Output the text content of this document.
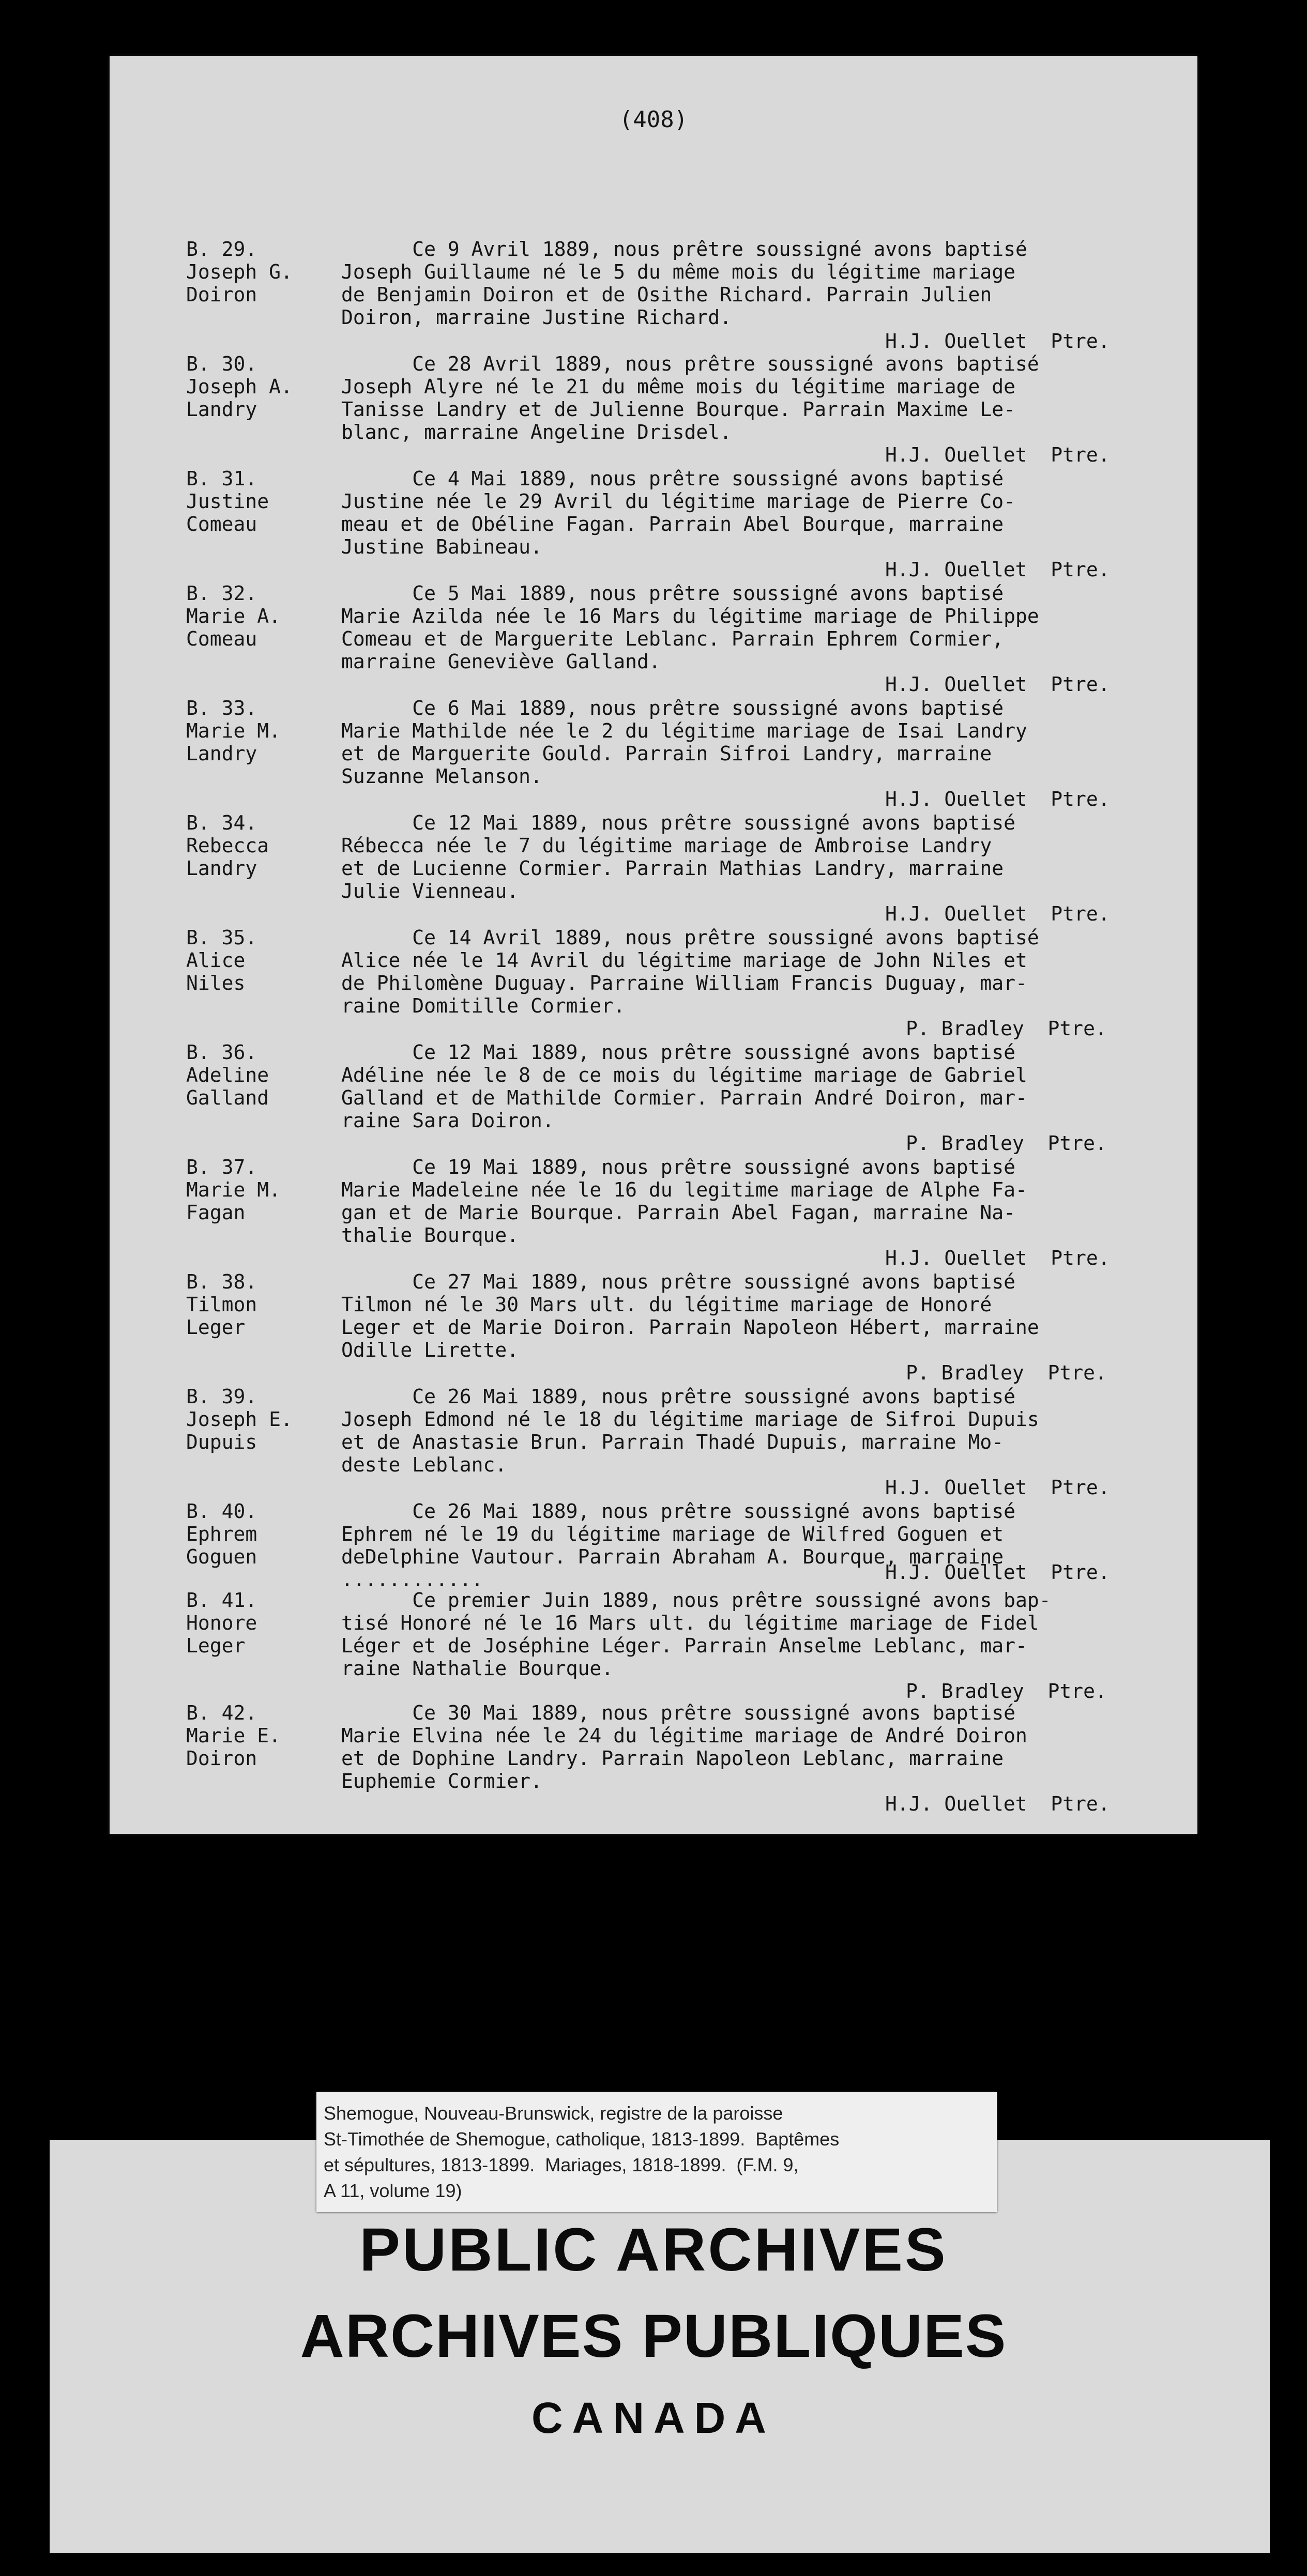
(408)
B. 29.
Joseph G.
Doiron
Ce 9 Avril 1889, nous prêtre soussigné avons baptisé
Joseph Guillaume né le 5 du même mois du légitime mariage
de Benjamin Doiron et de Osithe Richard. Parrain Julien
Doiron, marraine Justine Richard.
H.J. Ouellet  Ptre.
B. 30.
Joseph A.
Landry
Ce 28 Avril 1889, nous prêtre soussigné avons baptisé
Joseph Alyre né le 21 du même mois du légitime mariage de
Tanisse Landry et de Julienne Bourque. Parrain Maxime Le-
blanc, marraine Angeline Drisdel.
H.J. Ouellet  Ptre.
B. 31.
Justine
Comeau
Ce 4 Mai 1889, nous prêtre soussigné avons baptisé
Justine née le 29 Avril du légitime mariage de Pierre Co-
meau et de Obéline Fagan. Parrain Abel Bourque, marraine
Justine Babineau.
H.J. Ouellet  Ptre.
B. 32.
Marie A.
Comeau
Ce 5 Mai 1889, nous prêtre soussigné avons baptisé
Marie Azilda née le 16 Mars du légitime mariage de Philippe
Comeau et de Marguerite Leblanc. Parrain Ephrem Cormier,
marraine Geneviève Galland.
H.J. Ouellet  Ptre.
B. 33.
Marie M.
Landry
Ce 6 Mai 1889, nous prêtre soussigné avons baptisé
Marie Mathilde née le 2 du légitime mariage de Isai Landry
et de Marguerite Gould. Parrain Sifroi Landry, marraine
Suzanne Melanson.
H.J. Ouellet  Ptre.
B. 34.
Rebecca
Landry
Ce 12 Mai 1889, nous prêtre soussigné avons baptisé
Rébecca née le 7 du légitime mariage de Ambroise Landry
et de Lucienne Cormier. Parrain Mathias Landry, marraine
Julie Vienneau.
H.J. Ouellet  Ptre.
B. 35.
Alice
Niles
Ce 14 Avril 1889, nous prêtre soussigné avons baptisé
Alice née le 14 Avril du légitime mariage de John Niles et
de Philomène Duguay. Parraine William Francis Duguay, mar-
raine Domitille Cormier.
P. Bradley  Ptre.
B. 36.
Adeline
Galland
Ce 12 Mai 1889, nous prêtre soussigné avons baptisé
Adéline née le 8 de ce mois du légitime mariage de Gabriel
Galland et de Mathilde Cormier. Parrain André Doiron, mar-
raine Sara Doiron.
P. Bradley  Ptre.
B. 37.
Marie M.
Fagan
Ce 19 Mai 1889, nous prêtre soussigné avons baptisé
Marie Madeleine née le 16 du legitime mariage de Alphe Fa-
gan et de Marie Bourque. Parrain Abel Fagan, marraine Na-
thalie Bourque.
H.J. Ouellet  Ptre.
B. 38.
Tilmon
Leger
Ce 27 Mai 1889, nous prêtre soussigné avons baptisé
Tilmon né le 30 Mars ult. du légitime mariage de Honoré
Leger et de Marie Doiron. Parrain Napoleon Hébert, marraine
Odille Lirette.
P. Bradley  Ptre.
B. 39.
Joseph E.
Dupuis
Ce 26 Mai 1889, nous prêtre soussigné avons baptisé
Joseph Edmond né le 18 du légitime mariage de Sifroi Dupuis
et de Anastasie Brun. Parrain Thadé Dupuis, marraine Mo-
deste Leblanc.
H.J. Ouellet  Ptre.
B. 40.
Ephrem
Goguen
Ce 26 Mai 1889, nous prêtre soussigné avons baptisé
Ephrem né le 19 du légitime mariage de Wilfred Goguen et
deDelphine Vautour. Parrain Abraham A. Bourque, marraine
............	H.J. Ouellet  Ptre.
B. 41.
Honore
Leger
Ce premier Juin 1889, nous prêtre soussigné avons bap-
tisé Honoré né le 16 Mars ult. du légitime mariage de Fidel
Léger et de Joséphine Léger. Parrain Anselme Leblanc, mar-
raine Nathalie Bourque.
P. Bradley  Ptre.
B. 42.
Marie E.
Doiron
Ce 30 Mai 1889, nous prêtre soussigné avons baptisé
Marie Elvina née le 24 du légitime mariage de André Doiron
et de Dophine Landry. Parrain Napoleon Leblanc, marraine
Euphemie Cormier.
H.J. Ouellet  Ptre.
Shemogue, Nouveau-Brunswick, registre de la paroisse
St-Timothée de Shemogue, catholique, 1813-1899.  Baptêmes
et sépultures, 1813-1899.  Mariages, 1818-1899.  (F.M. 9,
A 11, volume 19)
PUBLIC ARCHIVES
ARCHIVES PUBLIQUES
CANADA
